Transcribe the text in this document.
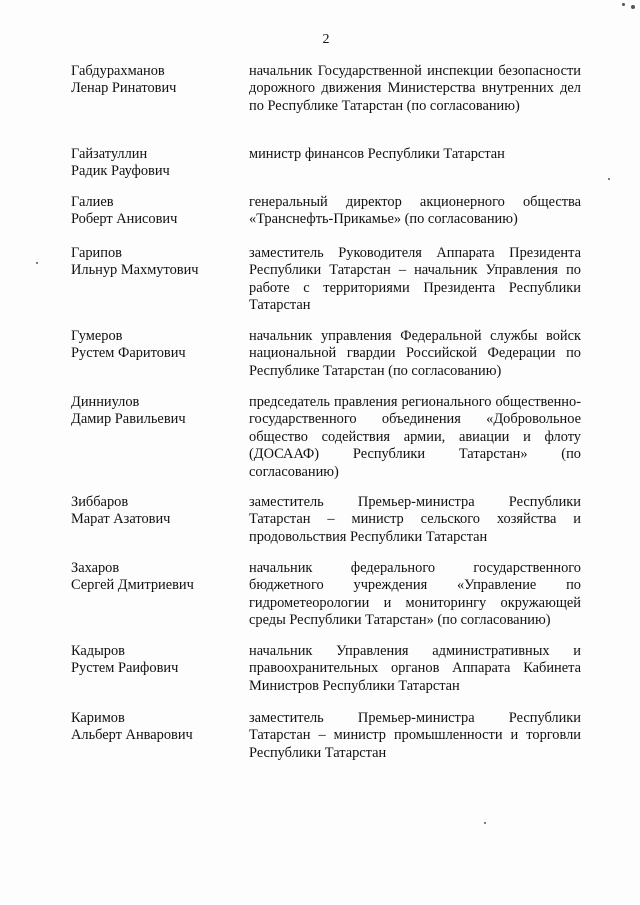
2
Габдурахманов
Ленар Ринатович
начальник Государственной инспекции безопасности дорожного движения Министерства внутренних дел по Республике Татарстан (по согласованию)
Гайзатуллин
Радик Рауфович
министр финансов Республики Татарстан
Галиев
Роберт Анисович
генеральный директор акционерного общества «Транснефть-Прикамье» (по согласованию)
Гарипов
Ильнур Махмутович
заместитель Руководителя Аппарата Президента Республики Татарстан – начальник Управления по работе с территориями Президента Республики Татарстан
Гумеров
Рустем Фаритович
начальник управления Федеральной службы войск национальной гвардии Российской Федерации по Республике Татарстан (по согласованию)
Динниулов
Дамир Равильевич
председатель правления регионального общественно-государственного объединения «Добровольное общество содействия армии, авиации и флоту (ДОСААФ) Республики Татарстан» (по согласованию)
Зиббаров
Марат Азатович
заместитель Премьер-министра Республики Татарстан – министр сельского хозяйства и продовольствия Республики Татарстан
Захаров
Сергей Дмитриевич
начальник федерального государственного бюджетного учреждения «Управление по гидрометеорологии и мониторингу окружающей среды Республики Татарстан» (по согласованию)
Кадыров
Рустем Раифович
начальник Управления административных и правоохранительных органов Аппарата Кабинета Министров Республики Татарстан
Каримов
Альберт Анварович
заместитель Премьер-министра Республики Татарстан – министр промышленности и торговли Республики Татарстан
